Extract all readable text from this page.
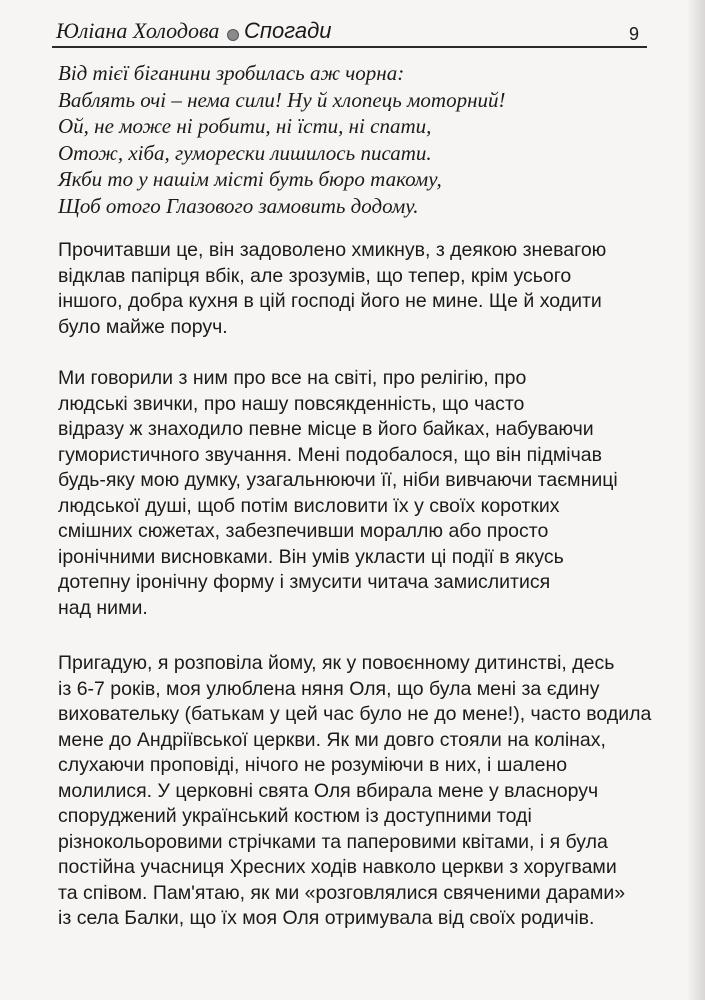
Юліана Холодова Спогади	9
Від тієї біганини зробилась аж чорна:
Ваблять очі – нема сили! Ну й хлопець моторний!
Ой, не може ні робити, ні їсти, ні спати,
Отож, хіба, гуморески лишилось писати.
Якби то у нашім місті буть бюро такому,
Щоб отого Глазового замовить додому.
Прочитавши це, він задоволено хмикнув, з деякою зневагою
відклав папірця вбік, але зрозумів, що тепер, крім усього
іншого, добра кухня в цій господі його не мине. Ще й ходити
було майже поруч.
Ми говорили з ним про все на світі, про релігію, про
людські звички, про нашу повсякденність, що часто
відразу ж знаходило певне місце в його байках, набуваючи
гумористичного звучання. Мені подобалося, що він підмічав
будь-яку мою думку, узагальнюючи її, ніби вивчаючи таємниці
людської душі, щоб потім висловити їх у своїх коротких
смішних сюжетах, забезпечивши мораллю або просто
іронічними висновками. Він умів укласти ці події в якусь
дотепну іронічну форму і змусити читача замислитися
над ними.
Пригадую, я розповіла йому, як у повоєнному дитинстві, десь
із 6-7 років, моя улюблена няня Оля, що була мені за єдину
виховательку (батькам у цей час було не до мене!), часто водила
мене до Андріївської церкви. Як ми довго стояли на колінах,
слухаючи проповіді, нічого не розуміючи в них, і шалено
молилися. У церковні свята Оля вбирала мене у власноруч
споруджений український костюм із доступними тоді
різнокольоровими стрічками та паперовими квітами, і я була
постійна учасниця Хресних ходів навколо церкви з хоругвами
та співом. Пам'ятаю, як ми «розговлялися свяченими дарами»
із села Балки, що їх моя Оля отримувала від своїх родичів.
